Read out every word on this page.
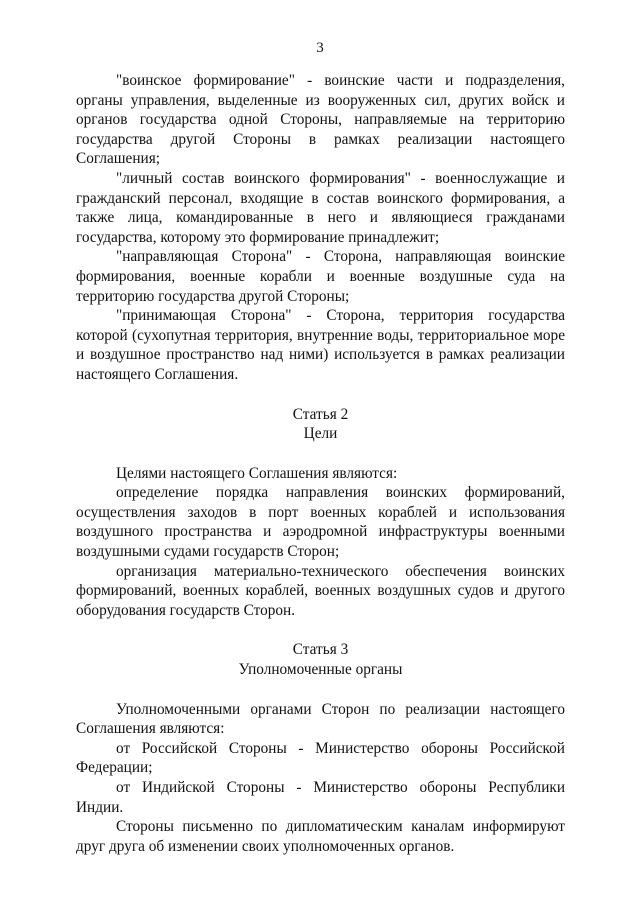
3

"воинское формирование" - воинские части и подразделения, органы управления, выделенные из вооруженных сил, других войск и органов государства одной Стороны, направляемые на территорию государства другой Стороны в рамках реализации настоящего Соглашения;

"личный состав воинского формирования" - военнослужащие и гражданский персонал, входящие в состав воинского формирования, а также лица, командированные в него и являющиеся гражданами государства, которому это формирование принадлежит;

"направляющая Сторона" - Сторона, направляющая воинские формирования, военные корабли и военные воздушные суда на территорию государства другой Стороны;

"принимающая Сторона" - Сторона, территория государства которой (сухопутная территория, внутренние воды, территориальное море и воздушное пространство над ними) используется в рамках реализации настоящего Соглашения.

Статья 2
Цели

Целями настоящего Соглашения являются:

определение порядка направления воинских формирований, осуществления заходов в порт военных кораблей и использования воздушного пространства и аэродромной инфраструктуры военными воздушными судами государств Сторон;

организация материально-технического обеспечения воинских формирований, военных кораблей, военных воздушных судов и другого оборудования государств Сторон.

Статья 3
Уполномоченные органы

Уполномоченными органами Сторон по реализации настоящего Соглашения являются:

от Российской Стороны - Министерство обороны Российской Федерации;

от Индийской Стороны - Министерство обороны Республики Индии.

Стороны письменно по дипломатическим каналам информируют друг друга об изменении своих уполномоченных органов.
